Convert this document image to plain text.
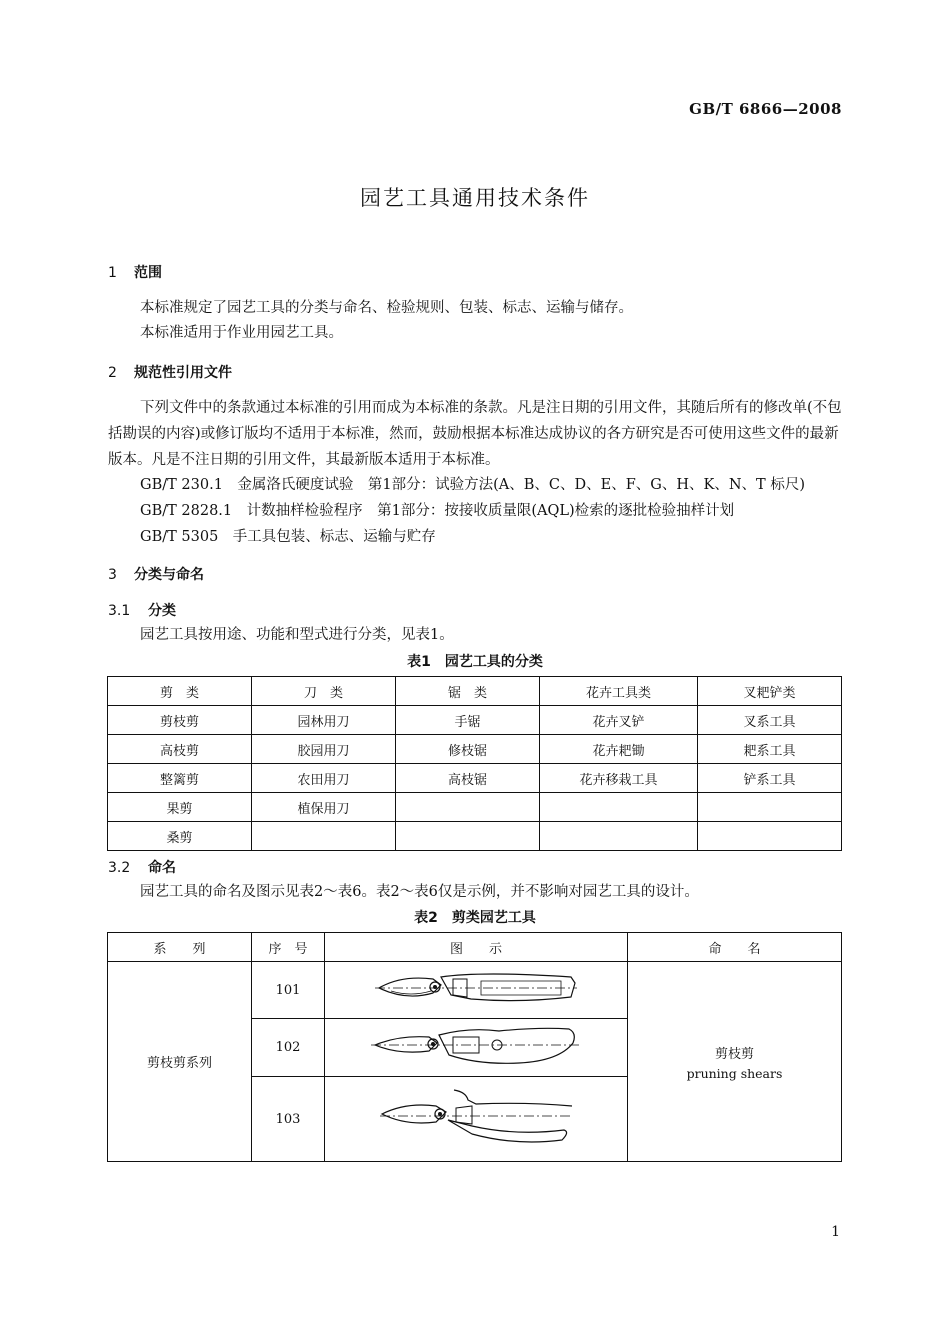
GB/T 6866—2008
园艺工具通用技术条件
1 范围
本标准规定了园艺工具的分类与命名、检验规则、包装、标志、运输与储存。
本标准适用于作业用园艺工具。
2 规范性引用文件
下列文件中的条款通过本标准的引用而成为本标准的条款。凡是注日期的引用文件，其随后所有的修改单(不包括勘误的内容)或修订版均不适用于本标准，然而，鼓励根据本标准达成协议的各方研究是否可使用这些文件的最新版本。凡是不注日期的引用文件，其最新版本适用于本标准。
GB/T 230.1　金属洛氏硬度试验　第1部分：试验方法(A、B、C、D、E、F、G、H、K、N、T 标尺)
GB/T 2828.1　计数抽样检验程序　第1部分：按接收质量限(AQL)检索的逐批检验抽样计划
GB/T 5305　手工具包装、标志、运输与贮存
3 分类与命名
3.1 分类
园艺工具按用途、功能和型式进行分类，见表1。
表1　园艺工具的分类
剪　类	刀　类	锯　类	花卉工具类	叉耙铲类
剪枝剪	园林用刀	手锯	花卉叉铲	叉系工具
高枝剪	胶园用刀	修枝锯	花卉耙锄	耙系工具
整篱剪	农田用刀	高枝锯	花卉移栽工具	铲系工具
果剪	植保用刀			
桑剪				
3.2 命名
园艺工具的命名及图示见表2～表6。表2～表6仅是示例，并不影响对园艺工具的设计。
表2　剪类园艺工具
系　　列	序　号	图　　示	命　　名
剪枝剪系列	101		剪枝剪
pruning shears

	102	
	103	
1
